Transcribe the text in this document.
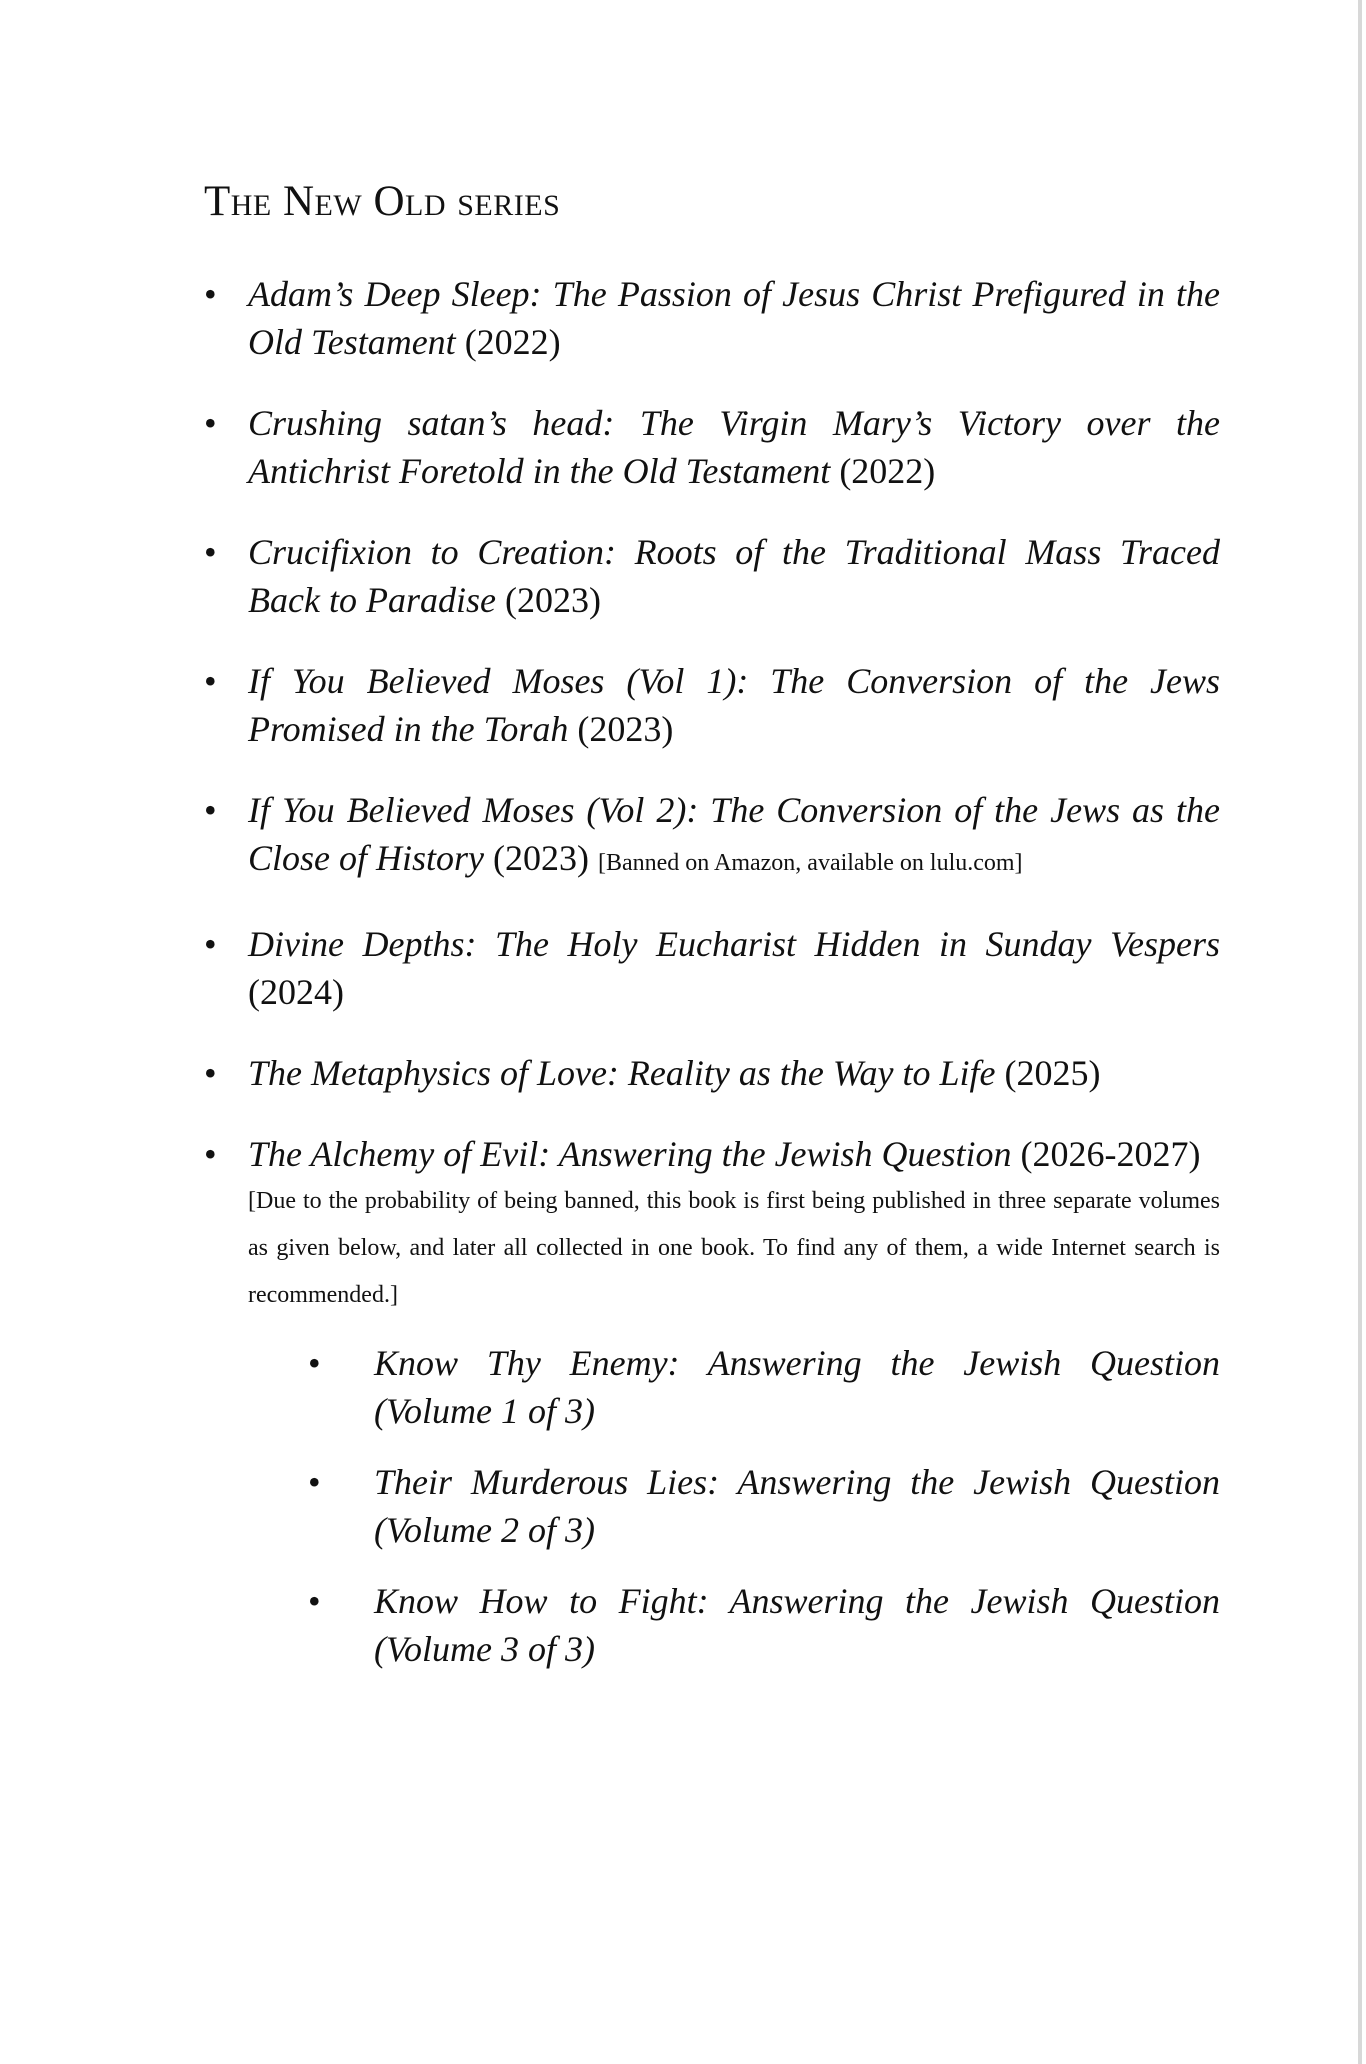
The New Old series
• Adam’s Deep Sleep: The Passion of Jesus Christ Prefigured in the Old Testament (2022)
• Crushing satan’s head: The Virgin Mary’s Victory over the Antichrist Foretold in the Old Testament (2022)
• Crucifixion to Creation: Roots of the Traditional Mass Traced Back to Paradise (2023)
• If You Believed Moses (Vol 1): The Conversion of the Jews Promised in the Torah (2023)
• If You Believed Moses (Vol 2): The Conversion of the Jews as the Close of History (2023) [Banned on Amazon, available on lulu.com]
• Divine Depths: The Holy Eucharist Hidden in Sunday Vespers (2024)
• The Metaphysics of Love: Reality as the Way to Life (2025)
• The Alchemy of Evil: Answering the Jewish Question (2026-2027)
[Due to the probability of being banned, this book is first being published in three separate volumes as given below, and later all collected in one book. To find any of them, a wide Internet search is recommended.]
• Know Thy Enemy: Answering the Jewish Question (Volume 1 of 3)
• Their Murderous Lies: Answering the Jewish Question (Volume 2 of 3)
• Know How to Fight: Answering the Jewish Question (Volume 3 of 3)
